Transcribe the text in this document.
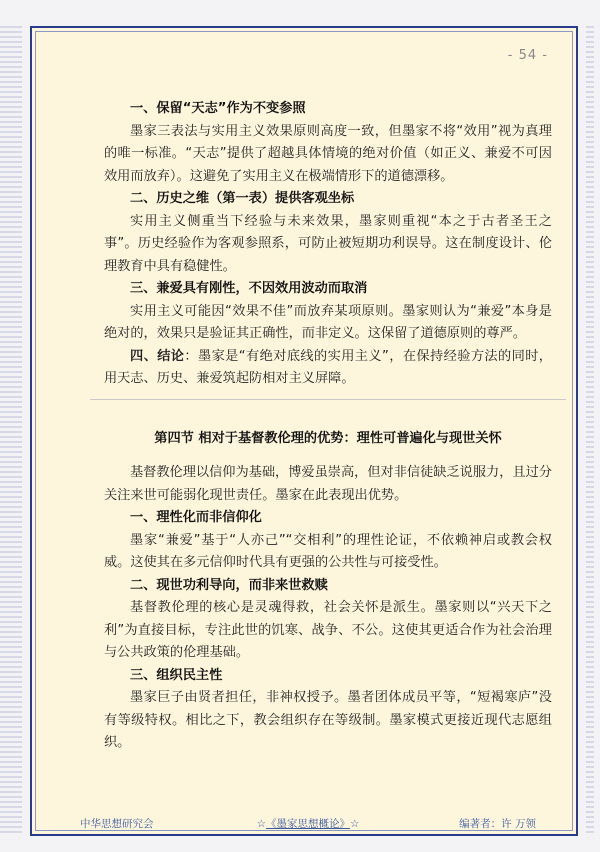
- 54 -
一、保留“天志”作为不变参照
墨家三表法与实用主义效果原则高度一致，但墨家不将“效用”视为真理的唯一标准。“天志”提供了超越具体情境的绝对价值（如正义、兼爱不可因效用而放弃）。这避免了实用主义在极端情形下的道德漂移。
二、历史之维（第一表）提供客观坐标
实用主义侧重当下经验与未来效果，墨家则重视“本之于古者圣王之事”。历史经验作为客观参照系，可防止被短期功利误导。这在制度设计、伦理教育中具有稳健性。
三、兼爱具有刚性，不因效用波动而取消
实用主义可能因“效果不佳”而放弃某项原则。墨家则认为“兼爱”本身是绝对的，效果只是验证其正确性，而非定义。这保留了道德原则的尊严。
四、结论：墨家是“有绝对底线的实用主义”，在保持经验方法的同时，用天志、历史、兼爱筑起防相对主义屏障。
第四节 相对于基督教伦理的优势：理性可普遍化与现世关怀
基督教伦理以信仰为基础，博爱虽崇高，但对非信徒缺乏说服力，且过分关注来世可能弱化现世责任。墨家在此表现出优势。
一、理性化而非信仰化
墨家“兼爱”基于“人亦己”“交相利”的理性论证，不依赖神启或教会权威。这使其在多元信仰时代具有更强的公共性与可接受性。
二、现世功利导向，而非来世救赎
基督教伦理的核心是灵魂得救，社会关怀是派生。墨家则以“兴天下之利”为直接目标，专注此世的饥寒、战争、不公。这使其更适合作为社会治理与公共政策的伦理基础。
三、组织民主性
墨家巨子由贤者担任，非神权授予。墨者团体成员平等，“短褐寒庐”没有等级特权。相比之下，教会组织存在等级制。墨家模式更接近现代志愿组织。
中华思想研究会	☆《墨家思想概论》☆	编著者：许 万领
